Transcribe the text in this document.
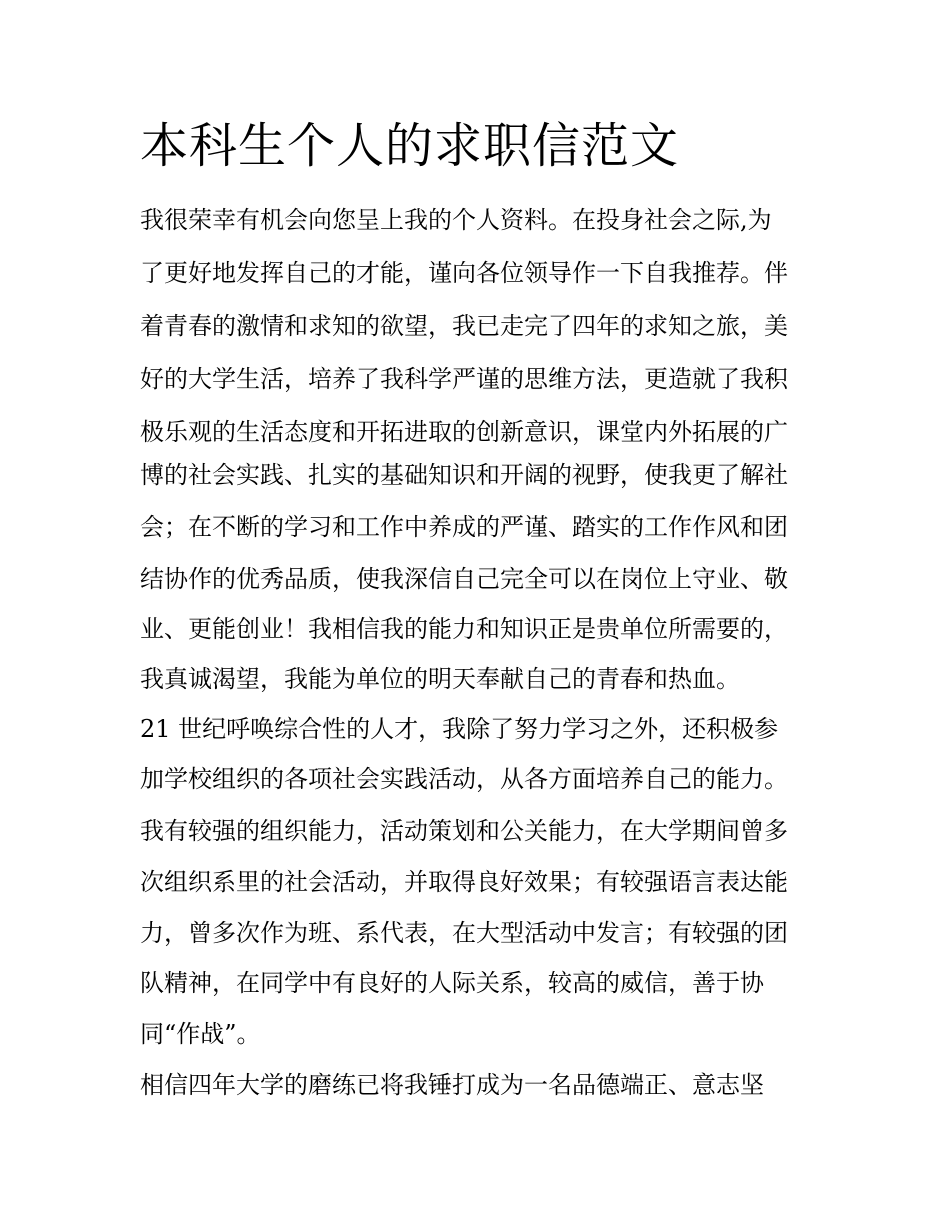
本科生个人的求职信范文

我很荣幸有机会向您呈上我的个人资料。在投身社会之际,为

了更好地发挥自己的才能，谨向各位领导作一下自我推荐。伴

着青春的激情和求知的欲望，我已走完了四年的求知之旅，美

好的大学生活，培养了我科学严谨的思维方法，更造就了我积

极乐观的生活态度和开拓进取的创新意识，课堂内外拓展的广

博的社会实践、扎实的基础知识和开阔的视野，使我更了解社

会；在不断的学习和工作中养成的严谨、踏实的工作作风和团

结协作的优秀品质，使我深信自己完全可以在岗位上守业、敬

业、更能创业！我相信我的能力和知识正是贵单位所需要的，

我真诚渴望，我能为单位的明天奉献自己的青春和热血。

21 世纪呼唤综合性的人才，我除了努力学习之外，还积极参

加学校组织的各项社会实践活动，从各方面培养自己的能力。

我有较强的组织能力，活动策划和公关能力，在大学期间曾多

次组织系里的社会活动，并取得良好效果；有较强语言表达能

力，曾多次作为班、系代表，在大型活动中发言；有较强的团

队精神，在同学中有良好的人际关系，较高的威信，善于协

同“作战”。

相信四年大学的磨练已将我锤打成为一名品德端正、意志坚
